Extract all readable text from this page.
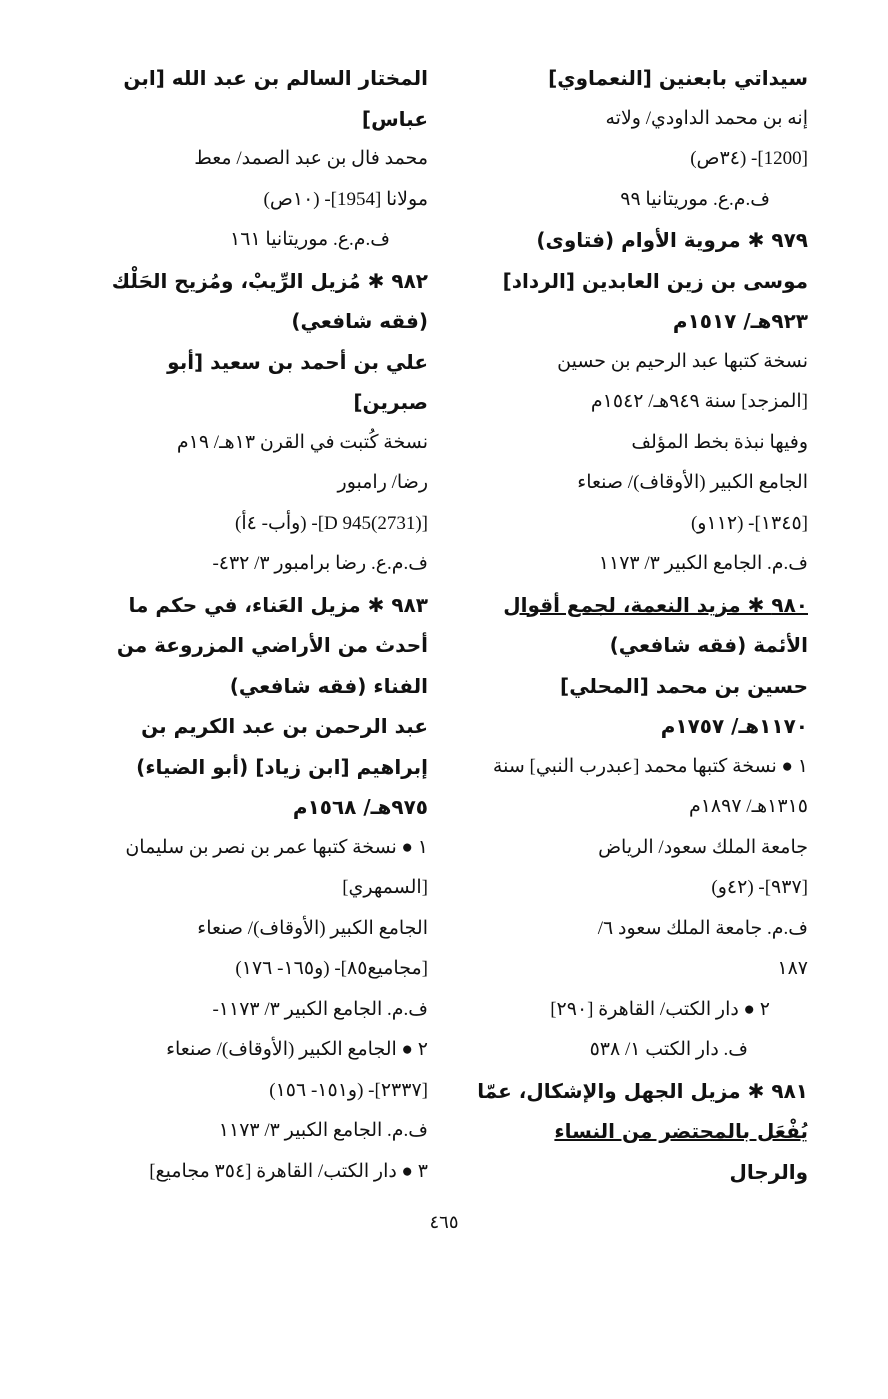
سيداتي بابعنين [النعماوي]
إنه بن محمد الداودي/ ولاته
[1200]- (٣٤ص)
ف.م.ع. موريتانيا ٩٩
٩٧٩ ✱ مروية الأوام (فتاوى)
موسى بن زين العابدين [الرداد]
٩٢٣هـ/ ١٥١٧م
نسخة كتبها عبد الرحيم بن حسين
[المزجد] سنة ٩٤٩هـ/ ١٥٤٢م
وفيها نبذة بخط المؤلف
الجامع الكبير (الأوقاف)/ صنعاء
[١٣٤٥]- (١١٢و)
ف.م. الجامع الكبير ٣/ ١١٧٣
٩٨٠ ✱ مزيد النعمة، لجمع أقوال
الأئمة (فقه شافعي)
حسين بن محمد [المحلي]
١١٧٠هـ/ ١٧٥٧م
١ ● نسخة كتبها محمد [عبدرب النبي] سنة
١٣١٥هـ/ ١٨٩٧م
جامعة الملك سعود/ الرياض
[٩٣٧]- (٤٢و)
ف.م. جامعة الملك سعود ٦/
١٨٧
٢ ● دار الكتب/ القاهرة [٢٩٠]
ف. دار الكتب ١/ ٥٣٨
٩٨١ ✱ مزيل الجهل والإشكال، عمّا
يُفْعَل بالمحتضر من النساء
والرجال
المختار السالم بن عبد الله [ابن
عباس]
محمد فال بن عبد الصمد/ معط
مولانا [1954]- (١٠ص)
ف.م.ع. موريتانيا ١٦١
٩٨٢ ✱ مُزيل الرِّيبْ، ومُزيح الحَلْك
(فقه شافعي)
علي بن أحمد بن سعيد [أبو
صبرين]
نسخة كُتبت في القرن ١٣هـ/ ١٩م
رضا/ رامبور
[D 945(2731)]- (وأب- ٤أ)
ف.م.ع. رضا برامبور ٣/ ٤٣٢-
٩٨٣ ✱ مزيل العَناء، في حكم ما
أحدث من الأراضي المزروعة من
الفناء (فقه شافعي)
عبد الرحمن بن عبد الكريم بن
إبراهيم [ابن زياد] (أبو الضياء)
٩٧٥هـ/ ١٥٦٨م
١ ● نسخة كتبها عمر بن نصر بن سليمان
[السمهري]
الجامع الكبير (الأوقاف)/ صنعاء
[مجاميع٨٥]- (و١٦٥- ١٧٦)
ف.م. الجامع الكبير ٣/ ١١٧٣-
٢ ● الجامع الكبير (الأوقاف)/ صنعاء
[٢٣٣٧]- (و١٥١- ١٥٦)
ف.م. الجامع الكبير ٣/ ١١٧٣
٣ ● دار الكتب/ القاهرة [٣٥٤ مجاميع]
٤٦٥
